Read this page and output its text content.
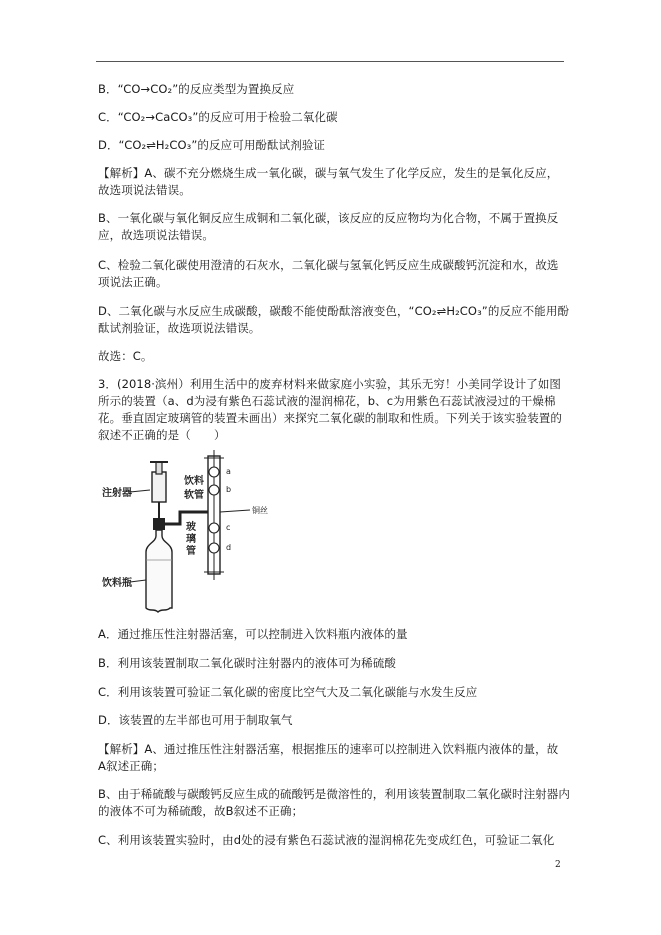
B．“CO→CO₂”的反应类型为置换反应
C．“CO₂→CaCO₃”的反应可用于检验二氧化碳
D．“CO₂⇌H₂CO₃”的反应可用酚酞试剂验证
【解析】A、碳不充分燃烧生成一氧化碳，碳与氧气发生了化学反应，发生的是氧化反应，
故选项说法错误。
B、一氧化碳与氧化铜反应生成铜和二氧化碳，该反应的反应物均为化合物，不属于置换反
应，故选项说法错误。
C、检验二氧化碳使用澄清的石灰水，二氧化碳与氢氧化钙反应生成碳酸钙沉淀和水，故选
项说法正确。
D、二氧化碳与水反应生成碳酸，碳酸不能使酚酞溶液变色，“CO₂⇌H₂CO₃”的反应不能用酚
酞试剂验证，故选项说法错误。
故选：C。
3．(2018·滨州）利用生活中的废弃材料来做家庭小实验，其乐无穷！小美同学设计了如图
所示的装置（a、d为浸有紫色石蕊试液的湿润棉花，b、c为用紫色石蕊试液浸过的干燥棉
花。垂直固定玻璃管的装置未画出）来探究二氧化碳的制取和性质。下列关于该实验装置的
叙述不正确的是（　　）
A．通过推压性注射器活塞，可以控制进入饮料瓶内液体的量
B．利用该装置制取二氧化碳时注射器内的液体可为稀硫酸
C．利用该装置可验证二氧化碳的密度比空气大及二氧化碳能与水发生反应
D．该装置的左半部也可用于制取氧气
【解析】A、通过推压性注射器活塞，根据推压的速率可以控制进入饮料瓶内液体的量，故
A叙述正确；
B、由于稀硫酸与碳酸钙反应生成的硫酸钙是微溶性的，利用该装置制取二氧化碳时注射器内
的液体不可为稀硫酸，故B叙述不正确；
C、利用该装置实验时，由d处的浸有紫色石蕊试液的湿润棉花先变成红色，可验证二氧化
注射器
饮料瓶
饮料
软管
a
b
c
d
玻
璃
管
铜丝
2
